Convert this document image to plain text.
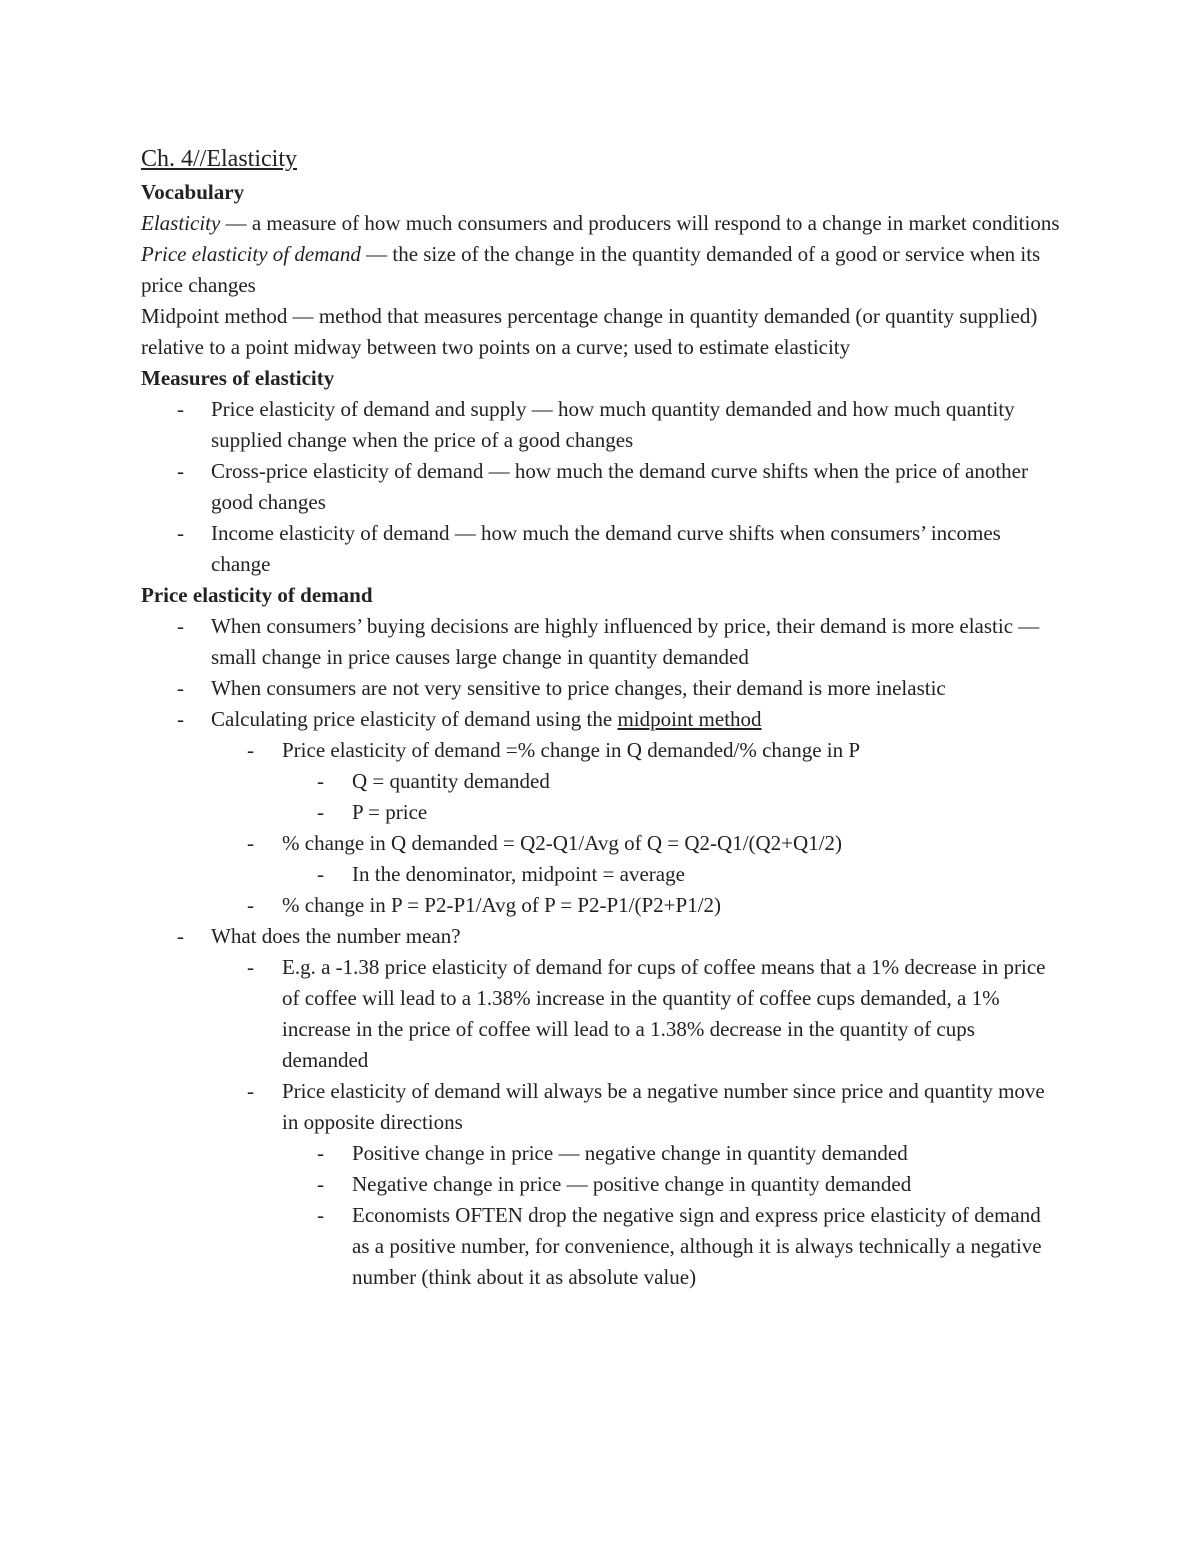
Ch. 4//Elasticity

Vocabulary

Elasticity — a measure of how much consumers and producers will respond to a change in market conditions

Price elasticity of demand — the size of the change in the quantity demanded of a good or service when its price changes

Midpoint method — method that measures percentage change in quantity demanded (or quantity supplied) relative to a point midway between two points on a curve; used to estimate elasticity

Measures of elasticity

- Price elasticity of demand and supply — how much quantity demanded and how much quantity supplied change when the price of a good changes
- Cross-price elasticity of demand — how much the demand curve shifts when the price of another good changes
- Income elasticity of demand — how much the demand curve shifts when consumers’ incomes change

Price elasticity of demand

- When consumers’ buying decisions are highly influenced by price, their demand is more elastic — small change in price causes large change in quantity demanded
- When consumers are not very sensitive to price changes, their demand is more inelastic
- Calculating price elasticity of demand using the midpoint method
- Price elasticity of demand =% change in Q demanded/% change in P
- Q = quantity demanded
- P = price
- % change in Q demanded = Q2-Q1/Avg of Q = Q2-Q1/(Q2+Q1/2)
- In the denominator, midpoint = average
- % change in P = P2-P1/Avg of P = P2-P1/(P2+P1/2)
- What does the number mean?
- E.g. a -1.38 price elasticity of demand for cups of coffee means that a 1% decrease in price of coffee will lead to a 1.38% increase in the quantity of coffee cups demanded, a 1% increase in the price of coffee will lead to a 1.38% decrease in the quantity of cups demanded
- Price elasticity of demand will always be a negative number since price and quantity move in opposite directions
- Positive change in price — negative change in quantity demanded
- Negative change in price — positive change in quantity demanded
- Economists OFTEN drop the negative sign and express price elasticity of demand as a positive number, for convenience, although it is always technically a negative number (think about it as absolute value)
